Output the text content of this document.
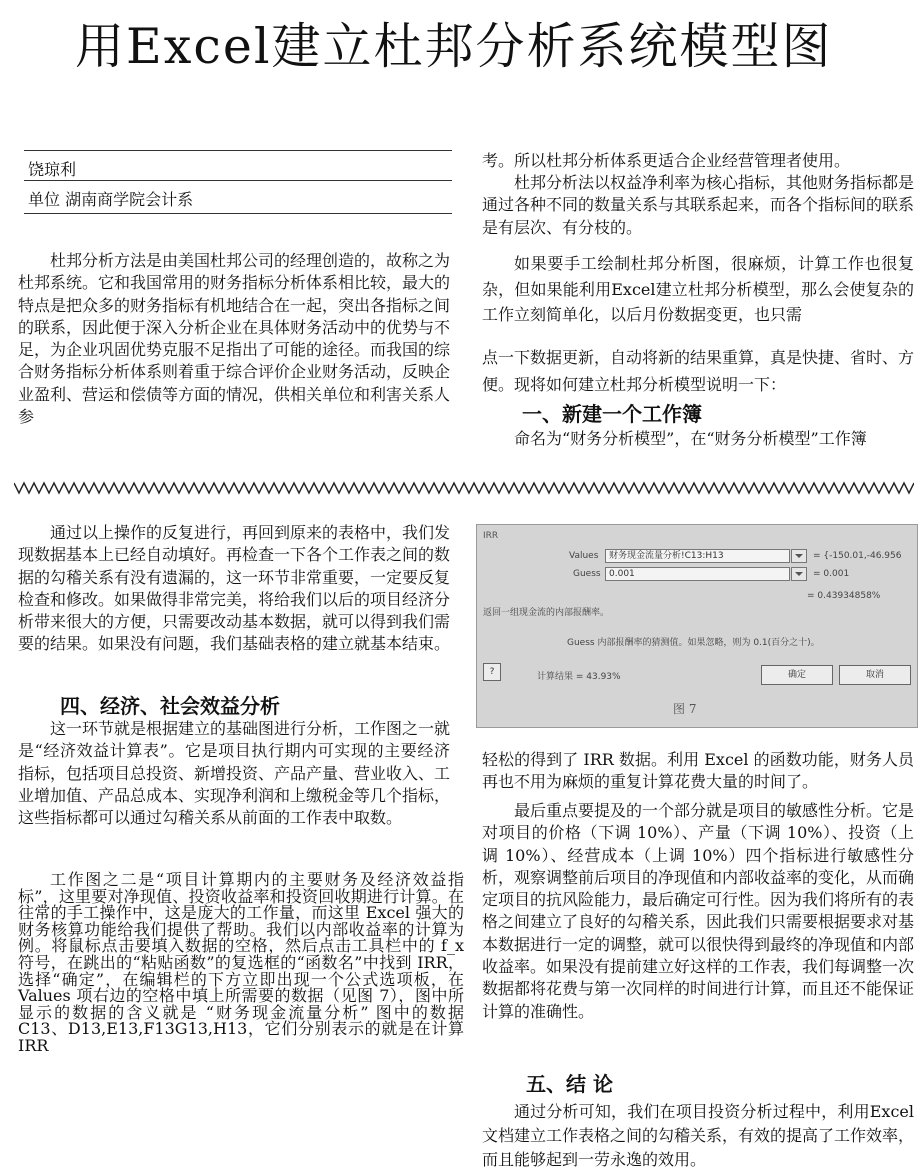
用Excel建立杜邦分析系统模型图
饶琼利
单位 湖南商学院会计系

杜邦分析方法是由美国杜邦公司的经理创造的，故称之为杜邦系统。它和我国常用的财务指标分析体系相比较，最大的特点是把众多的财务指标有机地结合在一起，突出各指标之间的联系，因此便于深入分析企业在具体财务活动中的优势与不足，为企业巩固优势克服不足指出了可能的途径。而我国的综合财务指标分析体系则着重于综合评价企业财务活动，反映企业盈利、营运和偿债等方面的情况，供相关单位和利害关系人参

考。所以杜邦分析体系更适合企业经营管理者使用。

杜邦分析法以权益净利率为核心指标，其他财务指标都是通过各种不同的数量关系与其联系起来，而各个指标间的联系是有层次、有分枝的。

如果要手工绘制杜邦分析图，很麻烦，计算工作也很复杂，但如果能利用Excel建立杜邦分析模型，那么会使复杂的工作立刻简单化，以后月份数据变更，也只需

点一下数据更新，自动将新的结果重算，真是快捷、省时、方便。现将如何建立杜邦分析模型说明一下：

一、新建一个工作簿

命名为“财务分析模型”，在“财务分析模型”工作簿

通过以上操作的反复进行，再回到原来的表格中，我们发现数据基本上已经自动填好。再检查一下各个工作表之间的数据的勾稽关系有没有遗漏的，这一环节非常重要，一定要反复检查和修改。如果做得非常完美，将给我们以后的项目经济分析带来很大的方便，只需要改动基本数据，就可以得到我们需要的结果。如果没有问题，我们基础表格的建立就基本结束。

四、经济、社会效益分析

这一环节就是根据建立的基础图进行分析，工作图之一就是“经济效益计算表”。它是项目执行期内可实现的主要经济指标，包括项目总投资、新增投资、产品产量、营业收入、工业增加值、产品总成本、实现净利润和上缴税金等几个指标，这些指标都可以通过勾稽关系从前面的工作表中取数。

工作图之二是“项目计算期内的主要财务及经济效益指标”，这里要对净现值、投资收益率和投资回收期进行计算。在往常的手工操作中，这是庞大的工作量，而这里 Excel 强大的财务核算功能给我们提供了帮助。我们以内部收益率的计算为例。将鼠标点击要填入数据的空格，然后点击工具栏中的 f_x 符号，在跳出的“粘贴函数”的复选框的“函数名”中找到 IRR，选择“确定”，在编辑栏的下方立即出现一个公式选项板，在Values 项右边的空格中填上所需要的数据（见图 7），图中所显示的数据的含义就是 “财务现金流量分析” 图中的数据 C13、D13,E13,F13G13,H13，它们分别表示的就是在计算IRR

IRR
Values	财务现金流量分析!C13:H13	= {-150.01,-46.956
Guess 0.001	= 0.001
= 0.43934858%
返回一组现金流的内部报酬率。
Guess 内部报酬率的猜测值。如果忽略，则为 0.1(百分之十)。
?	计算结果 = 43.93%	确定	取消
图 7

轻松的得到了 IRR 数据。利用 Excel 的函数功能，财务人员再也不用为麻烦的重复计算花费大量的时间了。

最后重点要提及的一个部分就是项目的敏感性分析。它是对项目的价格（下调 10%）、产量（下调 10%）、投资（上调 10%）、经营成本（上调 10%）四个指标进行敏感性分析，观察调整前后项目的净现值和内部收益率的变化，从而确定项目的抗风险能力，最后确定可行性。因为我们将所有的表格之间建立了良好的勾稽关系，因此我们只需要根据要求对基本数据进行一定的调整，就可以很快得到最终的净现值和内部收益率。如果没有提前建立好这样的工作表，我们每调整一次数据都将花费与第一次同样的时间进行计算，而且还不能保证计算的准确性。

五、结 论

通过分析可知，我们在项目投资分析过程中，利用Excel 文档建立工作表格之间的勾稽关系，有效的提高了工作效率，而且能够起到一劳永逸的效用。
